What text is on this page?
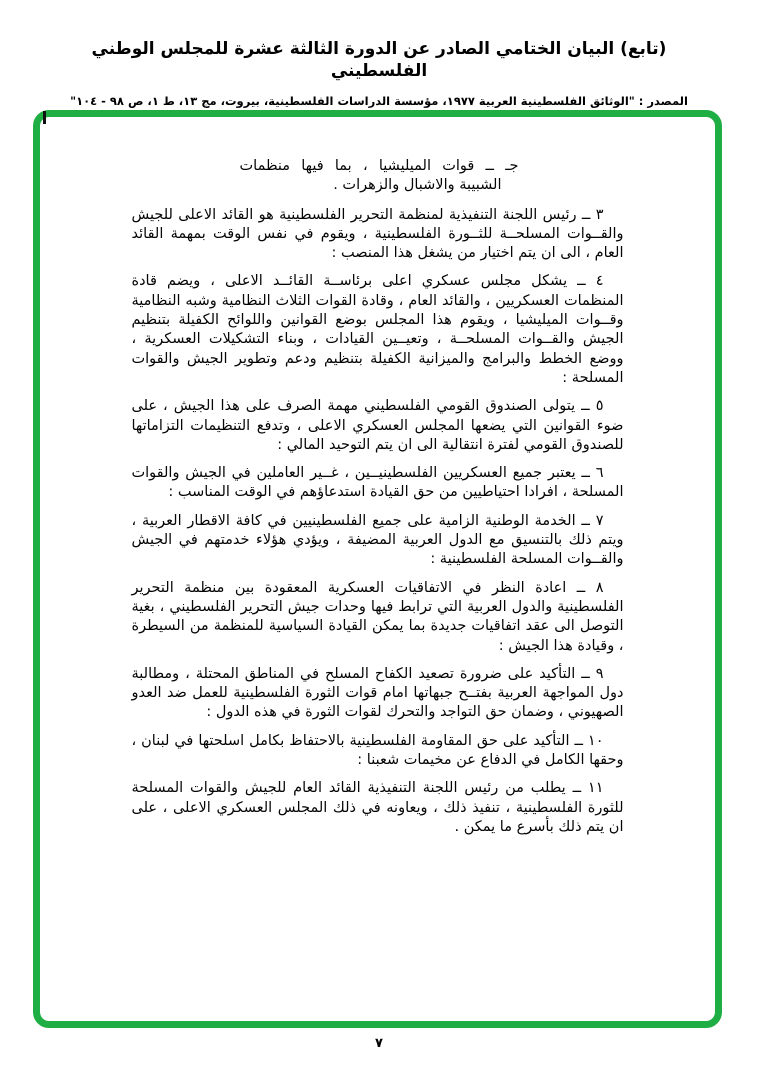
(تابع) البيان الختامي الصادر عن الدورة الثالثة عشرة للمجلس الوطني الفلسطيني
المصدر : "الوثائق الفلسطينية العربية ١٩٧٧، مؤسسة الدراسات الفلسطينية، بيروت، مج ١٣، ط ١، ص ٩٨ - ١٠٤"

جـ ــ قوات الميليشيا ، بما فيها منظمات الشبيبة والاشبال والزهرات .

٣ ــ رئيس اللجنة التنفيذية لمنظمة التحرير الفلسطينية هو القائد الاعلى للجيش والقــوات المسلحــة للثــورة الفلسطينية ، ويقوم في نفس الوقت بمهمة القائد العام ، الى ان يتم اختيار من يشغل هذا المنصب :

٤ ــ يشكل مجلس عسكري اعلى برئاســة القائــد الاعلى ، ويضم قادة المنظمات العسكريين ، والقائد العام ، وقادة القوات الثلاث النظامية وشبه النظامية وقــوات الميليشيا ، ويقوم هذا المجلس بوضع القوانين واللوائح الكفيلة بتنظيم الجيش والقــوات المسلحــة ، وتعيــين القيادات ، وبناء التشكيلات العسكرية ، ووضع الخطط والبرامج والميزانية الكفيلة بتنظيم ودعم وتطوير الجيش والقوات المسلحة :

٥ ــ يتولى الصندوق القومي الفلسطيني مهمة الصرف على هذا الجيش ، على ضوء القوانين التي يضعها المجلس العسكري الاعلى ، وتدفع التنظيمات التزاماتها للصندوق القومي لفترة انتقالية الى ان يتم التوحيد المالي :

٦ ــ يعتبر جميع العسكريين الفلسطينيــين ، غــير العاملين في الجيش والقوات المسلحة ، افرادا احتياطيين من حق القيادة استدعاؤهم في الوقت المناسب :

٧ ــ الخدمة الوطنية الزامية على جميع الفلسطينيين في كافة الاقطار العربية ، ويتم ذلك بالتنسيق مع الدول العربية المضيفة ، ويؤدي هؤلاء خدمتهم في الجيش والقــوات المسلحة الفلسطينية :

٨ ــ اعادة النظر في الاتفاقيات العسكرية المعقودة بين منظمة التحرير الفلسطينية والدول العربية التي ترابط فيها وحدات جيش التحرير الفلسطيني ، بغية التوصل الى عقد اتفاقيات جديدة بما يمكن القيادة السياسية للمنظمة من السيطرة ، وقيادة هذا الجيش :

٩ ــ التأكيد على ضرورة تصعيد الكفاح المسلح في المناطق المحتلة ، ومطالبة دول المواجهة العربية بفتــح جبهاتها امام قوات الثورة الفلسطينية للعمل ضد العدو الصهيوني ، وضمان حق التواجد والتحرك لقوات الثورة في هذه الدول :

١٠ ــ التأكيد على حق المقاومة الفلسطينية بالاحتفاظ بكامل اسلحتها في لبنان ، وحقها الكامل في الدفاع عن مخيمات شعبنا :

١١ ــ يطلب من رئيس اللجنة التنفيذية القائد العام للجيش والقوات المسلحة للثورة الفلسطينية ، تنفيذ ذلك ، ويعاونه في ذلك المجلس العسكري الاعلى ، على ان يتم ذلك بأسرع ما يمكن .

٧
